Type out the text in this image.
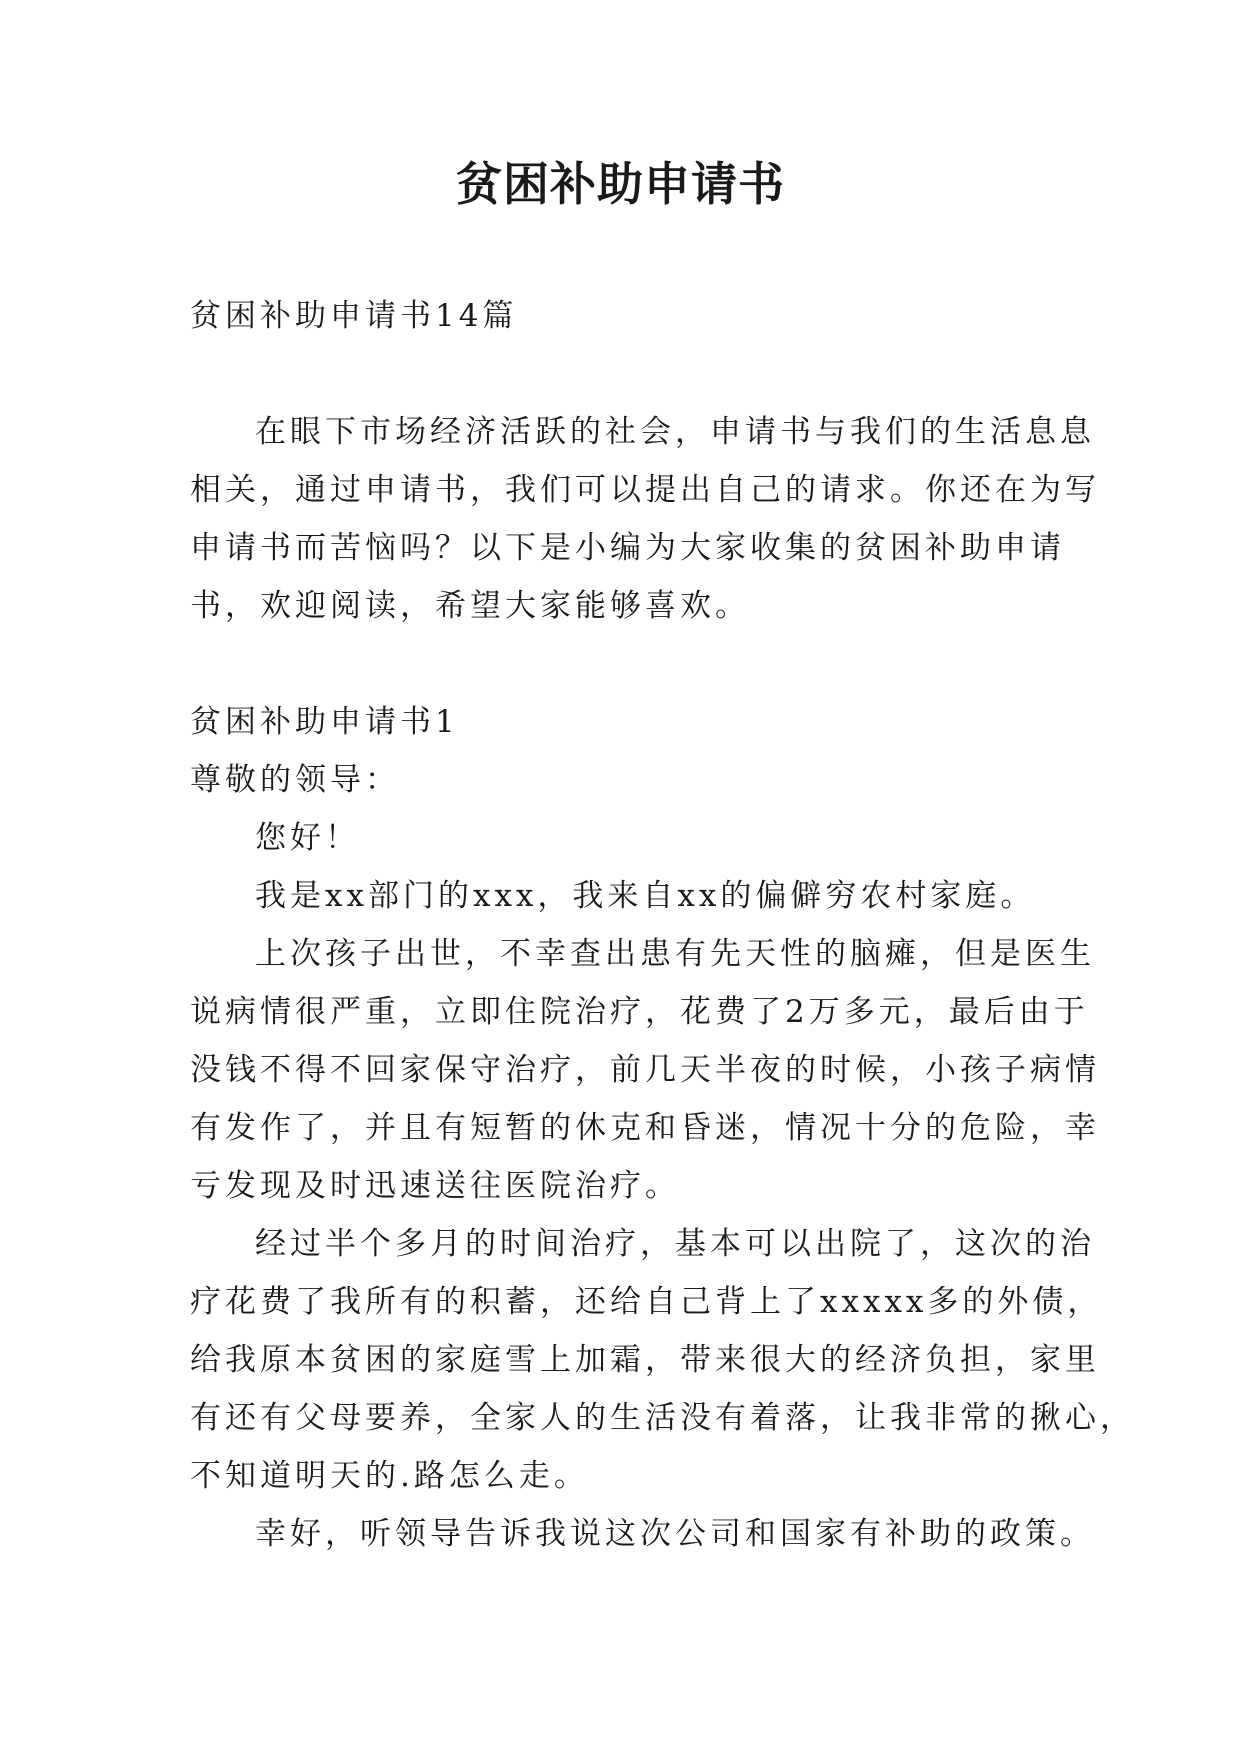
贫困补助申请书
贫困补助申请书14篇
在眼下市场经济活跃的社会，申请书与我们的生活息息
相关，通过申请书，我们可以提出自己的请求。你还在为写
申请书而苦恼吗？以下是小编为大家收集的贫困补助申请
书，欢迎阅读，希望大家能够喜欢。
贫困补助申请书1
尊敬的领导：
您好！
我是xx部门的xxx，我来自xx的偏僻穷农村家庭。
上次孩子出世，不幸查出患有先天性的脑瘫，但是医生
说病情很严重，立即住院治疗，花费了2万多元，最后由于
没钱不得不回家保守治疗，前几天半夜的时候，小孩子病情
有发作了，并且有短暂的休克和昏迷，情况十分的危险，幸
亏发现及时迅速送往医院治疗。
经过半个多月的时间治疗，基本可以出院了，这次的治
疗花费了我所有的积蓄，还给自己背上了xxxxx多的外债，
给我原本贫困的家庭雪上加霜，带来很大的经济负担，家里
有还有父母要养，全家人的生活没有着落，让我非常的揪心，
不知道明天的.路怎么走。
幸好，听领导告诉我说这次公司和国家有补助的政策。
